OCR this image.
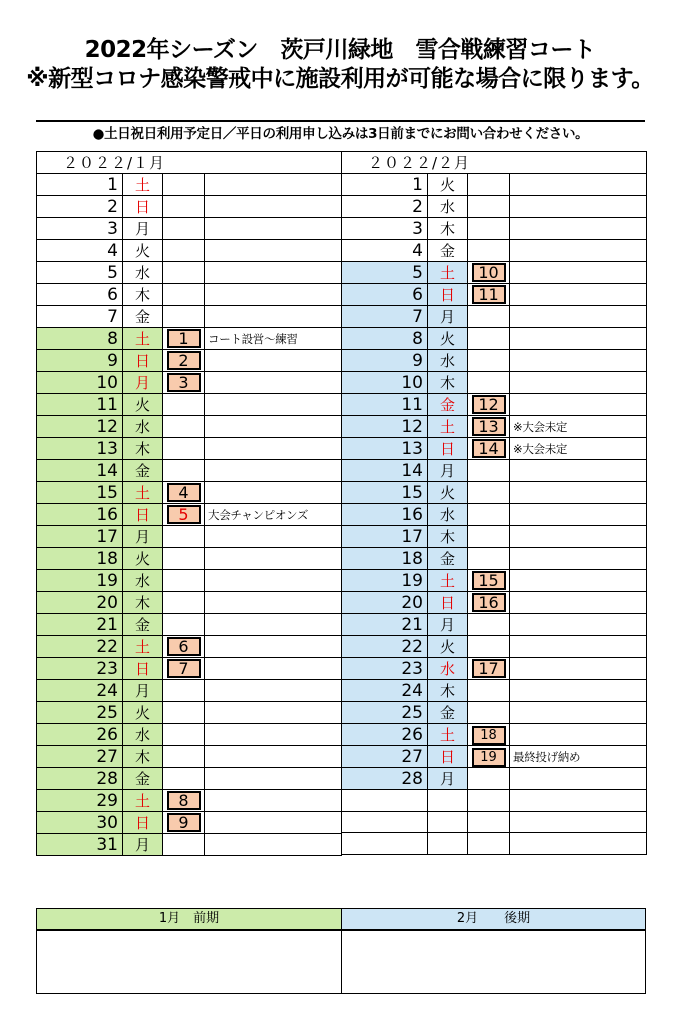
2022年シーズン　茨戸川緑地　雪合戦練習コート
※新型コロナ感染警戒中に施設利用が可能な場合に限ります。
●土日祝日利用予定日／平日の利用申し込みは3日前までにお問い合わせください。
２０２２/１月			
1	土		
2	日		
3	月		
4	火		
5	水		
6	木		
7	金		
8	土	1	コート設営～練習
9	日	2	
10	月	3	
11	火		
12	水		
13	木		
14	金		
15	土	4	
16	日	5	大会チャンピオンズ
17	月		
18	火		
19	水		
20	木		
21	金		
22	土	6	
23	日	7	
24	月		
25	火		
26	水		
27	木		
28	金		
29	土	8	
30	日	9	
31	月		
２０２２/２月			
1	火		
2	水		
3	木		
4	金		
5	土	10	
6	日	11	
7	月		
8	火		
9	水		
10	木		
11	金	12	
12	土	13	※大会未定
13	日	14	※大会未定
14	月		
15	火		
16	水		
17	木		
18	金		
19	土	15	
20	日	16	
21	月		
22	火		
23	水	17	
24	木		
25	金		
26	土	18	
27	日	19	最終投げ納め
28	月		

1月　前期	2月　　後期
